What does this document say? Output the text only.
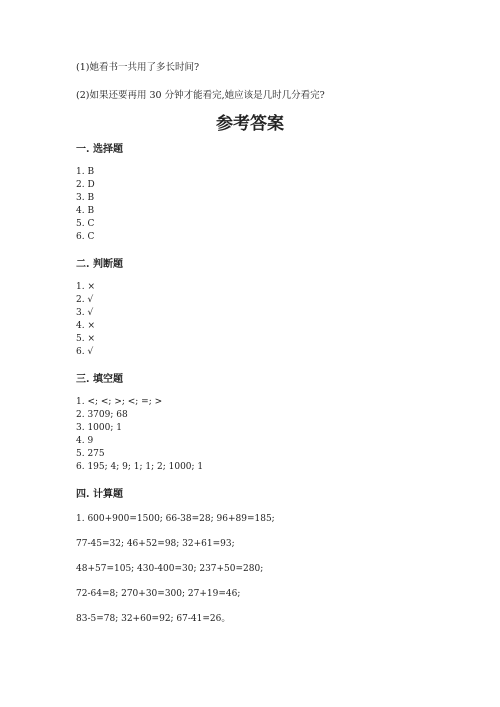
(1)她看书一共用了多长时间?
(2)如果还要再用 30 分钟才能看完,她应该是几时几分看完?
参考答案
一. 选择题
1. B
2. D
3. B
4. B
5. C
6. C
二. 判断题
1. ×
2. √
3. √
4. ×
5. ×
6. √
三. 填空题
1. <; <; >; <; =; >
2. 3709; 68
3. 1000; 1
4. 9
5. 275
6. 195; 4; 9; 1; 1; 2; 1000; 1
四. 计算题
1. 600+900=1500; 66-38=28; 96+89=185;
77-45=32; 46+52=98; 32+61=93;
48+57=105; 430-400=30; 237+50=280;
72-64=8; 270+30=300; 27+19=46;
83-5=78; 32+60=92; 67-41=26。
